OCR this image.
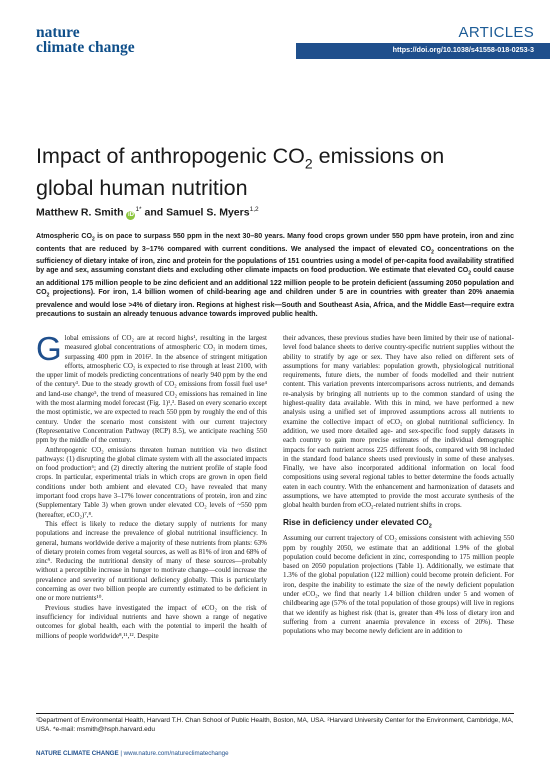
nature
climate change
ARTICLES
https://doi.org/10.1038/s41558-018-0253-3
Impact of anthropogenic $CO_2$ emissions on global human nutrition
Matthew R. Smith $iD^{1*}$ and Samuel S. Myers$^{1,2}$
Atmospheric $CO_2$ is on pace to surpass 550 ppm in the next 30–80 years. Many food crops grown under 550 ppm have protein, iron and zinc contents that are reduced by 3–17% compared with current conditions. We analysed the impact of elevated $CO_2$ concentrations on the sufficiency of dietary intake of iron, zinc and protein for the populations of 151 countries using a model of per-capita food availability stratified by age and sex, assuming constant diets and excluding other climate impacts on food production. We estimate that elevated $CO_2$ could cause an additional 175 million people to be zinc deficient and an additional 122 million people to be protein deficient (assuming 2050 population and $CO_2$ projections). For iron, 1.4 billion women of child-bearing age and children under 5 are in countries with greater than 20% anaemia prevalence and would lose >4% of dietary iron. Regions at highest risk—South and Southeast Asia, Africa, and the Middle East—require extra precautions to sustain an already tenuous advance towards improved public health.

Global emissions of CO₂ are at record highs¹, resulting in the largest measured global concentrations of atmospheric CO₂ in modern times, surpassing 400 ppm in 2016². In the absence of stringent mitigation efforts, atmospheric CO₂ is expected to rise through at least 2100, with the upper limit of models predicting concentrations of nearly 940 ppm by the end of the century³. Due to the steady growth of CO₂ emissions from fossil fuel use⁴ and land-use change⁵, the trend of measured CO₂ emissions has remained in line with the most alarming model forecast (Fig. 1)¹,³. Based on every scenario except the most optimistic, we are expected to reach 550 ppm by roughly the end of this century. Under the scenario most consistent with our current trajectory (Representative Concentration Pathway (RCP) 8.5), we anticipate reaching 550 ppm by the middle of the century.

Anthropogenic CO₂ emissions threaten human nutrition via two distinct pathways: (1) disrupting the global climate system with all the associated impacts on food production⁶; and (2) directly altering the nutrient profile of staple food crops. In particular, experimental trials in which crops are grown in open field conditions under both ambient and elevated CO₂ have revealed that many important food crops have 3–17% lower concentrations of protein, iron and zinc (Supplementary Table 3) when grown under elevated CO₂ levels of ~550 ppm (hereafter, eCO₂)⁷,⁸.

This effect is likely to reduce the dietary supply of nutrients for many populations and increase the prevalence of global nutritional insufficiency. In general, humans worldwide derive a majority of these nutrients from plants: 63% of dietary protein comes from vegetal sources, as well as 81% of iron and 68% of zinc⁹. Reducing the nutritional density of many of these sources—probably without a perceptible increase in hunger to motivate change—could increase the prevalence and severity of nutritional deficiency globally. This is particularly concerning as over two billion people are currently estimated to be deficient in one or more nutrients¹⁰.

Previous studies have investigated the impact of eCO₂ on the risk of insufficiency for individual nutrients and have shown a range of negative outcomes for global health, each with the potential to imperil the health of millions of people worldwide⁸,¹¹,¹². Despite

their advances, these previous studies have been limited by their use of national-level food balance sheets to derive country-specific nutrient supplies without the ability to stratify by age or sex. They have also relied on different sets of assumptions for many variables: population growth, physiological nutritional requirements, future diets, the number of foods modelled and their nutrient content. This variation prevents intercomparisons across nutrients, and demands re-analysis by bringing all nutrients up to the common standard of using the highest-quality data available. With this in mind, we have performed a new analysis using a unified set of improved assumptions across all nutrients to examine the collective impact of eCO₂ on global nutritional sufficiency. In addition, we used more detailed age- and sex-specific food supply datasets in each country to gain more precise estimates of the individual demographic impacts for each nutrient across 225 different foods, compared with 98 included in the standard food balance sheets used previously in some of these analyses. Finally, we have also incorporated additional information on local food compositions using several regional tables to better determine the foods actually eaten in each country. With the enhancement and harmonization of datasets and assumptions, we have attempted to provide the most accurate synthesis of the global health burden from eCO₂-related nutrient shifts in crops.

Rise in deficiency under elevated $CO_2$

Assuming our current trajectory of CO₂ emissions consistent with achieving 550 ppm by roughly 2050, we estimate that an additional 1.9% of the global population could become deficient in zinc, corresponding to 175 million people based on 2050 population projections (Table 1). Additionally, we estimate that 1.3% of the global population (122 million) could become protein deficient. For iron, despite the inability to estimate the size of the newly deficient population under eCO₂, we find that nearly 1.4 billion children under 5 and women of childbearing age (57% of the total population of those groups) will live in regions that we identify as highest risk (that is, greater than 4% loss of dietary iron and suffering from a current anaemia prevalence in excess of 20%). These populations who may become newly deficient are in addition to

¹Department of Environmental Health, Harvard T.H. Chan School of Public Health, Boston, MA, USA. ²Harvard University Center for the Environment, Cambridge, MA, USA. *e-mail: msmith@hsph.harvard.edu
NATURE CLIMATE CHANGE | www.nature.com/natureclimatechange
